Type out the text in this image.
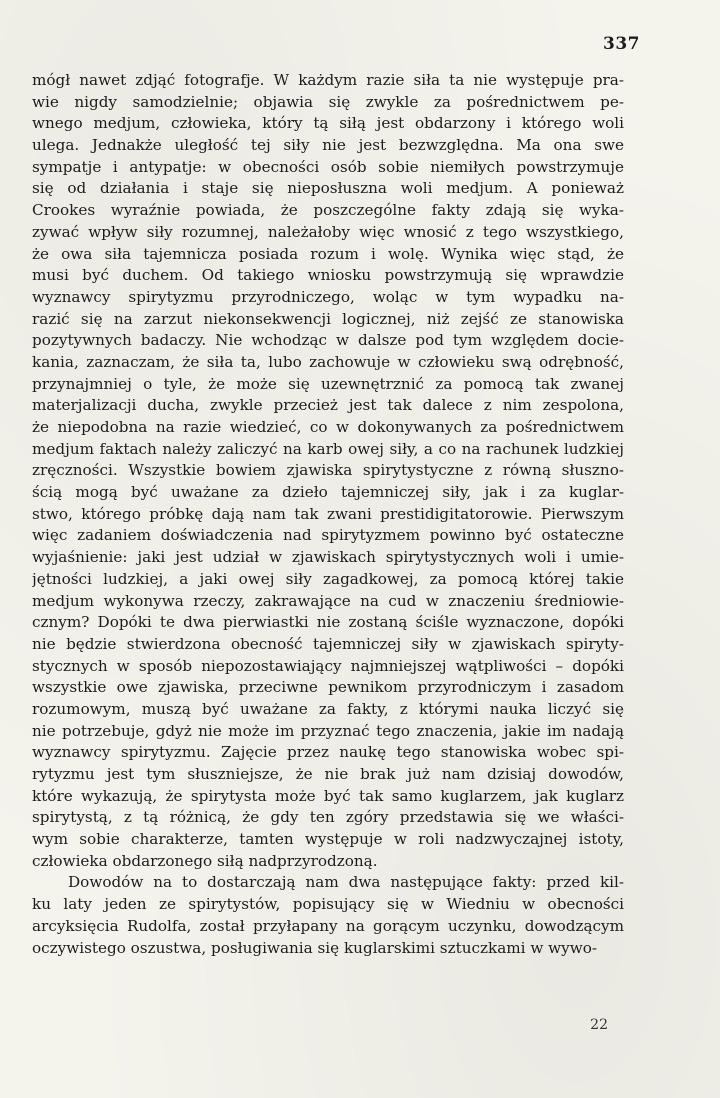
337
mógł nawet zdjąć fotografje. W każdym razie siła ta nie występuje pra-
wie nigdy samodzielnie; objawia się zwykle za pośrednictwem pe-
wnego medjum, człowieka, który tą siłą jest obdarzony i którego woli
ulega. Jednakże uległość tej siły nie jest bezwzględna. Ma ona swe
sympatje i antypatje: w obecności osób sobie niemiłych powstrzymuje
się od działania i staje się nieposłuszna woli medjum. A ponieważ
Crookes wyraźnie powiada, że poszczególne fakty zdają się wyka-
zywać wpływ siły rozumnej, należałoby więc wnosić z tego wszystkiego,
że owa siła tajemnicza posiada rozum i wolę. Wynika więc stąd, że
musi być duchem. Od takiego wniosku powstrzymują się wprawdzie
wyznawcy spirytyzmu przyrodniczego, woląc w tym wypadku na-
razić się na zarzut niekonsekwencji logicznej, niż zejść ze stanowiska
pozytywnych badaczy. Nie wchodząc w dalsze pod tym względem docie-
kania, zaznaczam, że siła ta, lubo zachowuje w człowieku swą odrębność,
przynajmniej o tyle, że może się uzewnętrznić za pomocą tak zwanej
materjalizacji ducha, zwykle przecież jest tak dalece z nim zespolona,
że niepodobna na razie wiedzieć, co w dokonywanych za pośrednictwem
medjum faktach należy zaliczyć na karb owej siły, a co na rachunek ludzkiej
zręczności. Wszystkie bowiem zjawiska spirytystyczne z równą słuszno-
ścią mogą być uważane za dzieło tajemniczej siły, jak i za kuglar-
stwo, którego próbkę dają nam tak zwani prestidigitatorowie. Pierwszym
więc zadaniem doświadczenia nad spirytyzmem powinno być ostateczne
wyjaśnienie: jaki jest udział w zjawiskach spirytystycznych woli i umie-
jętności ludzkiej, a jaki owej siły zagadkowej, za pomocą której takie
medjum wykonywa rzeczy, zakrawające na cud w znaczeniu średniowie-
cznym? Dopóki te dwa pierwiastki nie zostaną ściśle wyznaczone, dopóki
nie będzie stwierdzona obecność tajemniczej siły w zjawiskach spiryty-
stycznych w sposób niepozostawiający najmniejszej wątpliwości – dopóki
wszystkie owe zjawiska, przeciwne pewnikom przyrodniczym i zasadom
rozumowym, muszą być uważane za fakty, z którymi nauka liczyć się
nie potrzebuje, gdyż nie może im przyznać tego znaczenia, jakie im nadają
wyznawcy spirytyzmu. Zajęcie przez naukę tego stanowiska wobec spi-
rytyzmu jest tym słuszniejsze, że nie brak już nam dzisiaj dowodów,
które wykazują, że spirytysta może być tak samo kuglarzem, jak kuglarz
spirytystą, z tą różnicą, że gdy ten zgóry przedstawia się we właści-
wym sobie charakterze, tamten występuje w roli nadzwyczajnej istoty,
człowieka obdarzonego siłą nadprzyrodzoną.
Dowodów na to dostarczają nam dwa następujące fakty: przed kil-
ku laty jeden ze spirytystów, popisujący się w Wiedniu w obecności
arcyksięcia Rudolfa, został przyłapany na gorącym uczynku, dowodzącym
oczywistego oszustwa, posługiwania się kuglarskimi sztuczkami w wywo-
22
